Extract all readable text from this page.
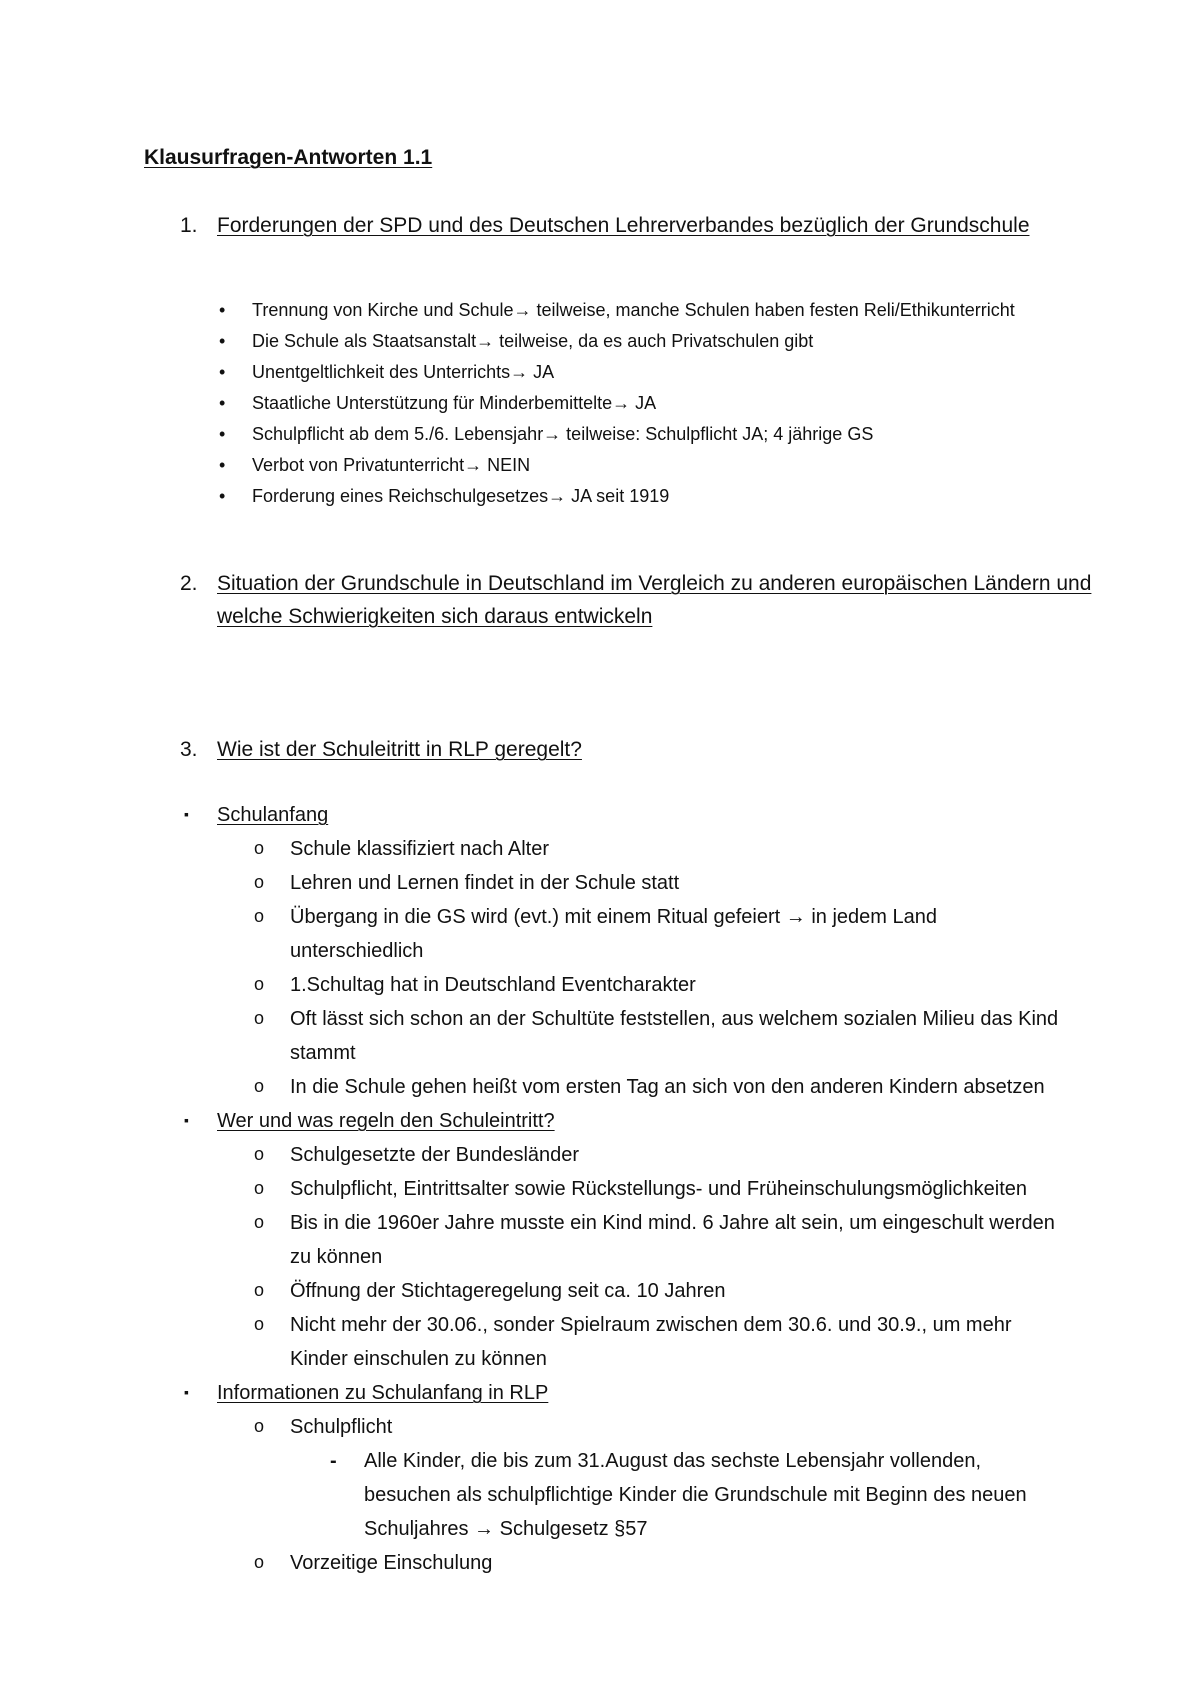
Klausurfragen-Antworten 1.1
1. Forderungen der SPD und des Deutschen Lehrerverbandes bezüglich der Grundschule
• Trennung von Kirche und Schule→ teilweise, manche Schulen haben festen Reli/Ethikunterricht
• Die Schule als Staatsanstalt→ teilweise, da es auch Privatschulen gibt
• Unentgeltlichkeit des Unterrichts→ JA
• Staatliche Unterstützung für Minderbemittelte→ JA
• Schulpflicht ab dem 5./6. Lebensjahr→ teilweise: Schulpflicht JA; 4 jährige GS
• Verbot von Privatunterricht→ NEIN
• Forderung eines Reichschulgesetzes→ JA seit 1919
2. Situation der Grundschule in Deutschland im Vergleich zu anderen europäischen Ländern und
welche Schwierigkeiten sich daraus entwickeln
3. Wie ist der Schuleitritt in RLP geregelt?
▪ Schulanfang
o Schule klassifiziert nach Alter
o Lehren und Lernen findet in der Schule statt
o Übergang in die GS wird (evt.) mit einem Ritual gefeiert → in jedem Land
unterschiedlich
o 1.Schultag hat in Deutschland Eventcharakter
o Oft lässt sich schon an der Schultüte feststellen, aus welchem sozialen Milieu das Kind
stammt
o In die Schule gehen heißt vom ersten Tag an sich von den anderen Kindern absetzen
▪ Wer und was regeln den Schuleintritt?
o Schulgesetzte der Bundesländer
o Schulpflicht, Eintrittsalter sowie Rückstellungs- und Früheinschulungsmöglichkeiten
o Bis in die 1960er Jahre musste ein Kind mind. 6 Jahre alt sein, um eingeschult werden
zu können
o Öffnung der Stichtageregelung seit ca. 10 Jahren
o Nicht mehr der 30.06., sonder Spielraum zwischen dem 30.6. und 30.9., um mehr
Kinder einschulen zu können
▪ Informationen zu Schulanfang in RLP
o Schulpflicht
- Alle Kinder, die bis zum 31.August das sechste Lebensjahr vollenden,
besuchen als schulpflichtige Kinder die Grundschule mit Beginn des neuen
Schuljahres → Schulgesetz §57
o Vorzeitige Einschulung
